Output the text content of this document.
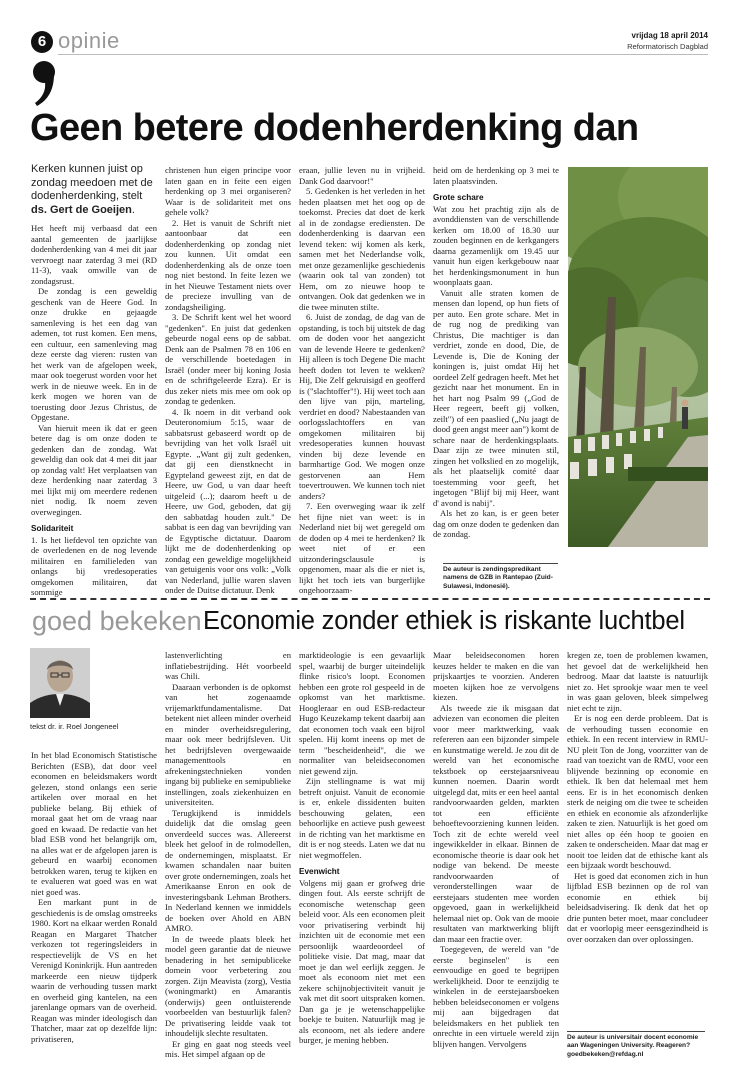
6 opinie	vrijdag 18 april 2014
Reformatorisch Dagblad
Geen betere dodenherdenking dan
Kerken kunnen juist op zondag meedoen met de dodenherdenking, stelt ds. Gert de Goeijen.

Het heeft mij verbaasd dat een aantal gemeenten de jaarlijkse dodenherdenking van 4 mei dit jaar vervroegt naar zaterdag 3 mei (RD 11-3), vaak omwille van de zondagsrust.

De zondag is een geweldig geschenk van de Heere God. In onze drukke en gejaagde samenleving is het een dag van ademen, tot rust komen. Een mens, een cultuur, een samenleving mag deze eerste dag vieren: rusten van het werk van de afgelopen week, maar ook toegerust worden voor het werk in de nieuwe week. En in de kerk mogen we horen van de toerusting door Jezus Christus, de Opgestane.

Van hieruit meen ik dat er geen betere dag is om onze doden te gedenken dan de zondag. Wat geweldig dan ook dat 4 mei dit jaar op zondag valt! Het verplaatsen van deze herdenking naar zaterdag 3 mei lijkt mij om meerdere redenen niet nodig. Ik noem zeven overwegingen.

Solidariteit

1. Is het liefdevol ten opzichte van de overledenen en de nog levende militairen en familieleden van onlangs bij vredesoperaties omgekomen militairen, dat sommige

christenen hun eigen principe voor laten gaan en in feite een eigen herdenking op 3 mei organiseren? Waar is de solidariteit met ons gehele volk?

2. Het is vanuit de Schrift niet aantoonbaar dat een dodenherdenking op zondag niet zou kunnen. Uit omdat een dodenherdenking als de onze toen nog niet bestond. In feite lezen we in het Nieuwe Testament niets over de precieze invulling van de zondagsheiliging.

3. De Schrift kent wel het woord "gedenken". En juist dat gedenken gebeurde nogal eens op de sabbat. Denk aan de Psalmen 78 en 106 en de verschillende boetedagen in Israël (onder meer bij koning Josia en de schriftgeleerde Ezra). Er is dus zeker niets mis mee om ook op zondag te gedenken.

4. Ik noem in dit verband ook Deuteronomium 5:15, waar de sabbatsrust gebaseerd wordt op de bevrijding van het volk Israël uit Egypte. „Want gij zult gedenken, dat gij een dienstknecht in Egypteland geweest zijt, en dat de Heere, uw God, u van daar heeft uitgeleid (...); daarom heeft u de Heere, uw God, geboden, dat gij den sabbatdag houden zult." De sabbat is een dag van bevrijding van de Egyptische dictatuur. Daarom lijkt me de dodenherdenking op zondag een geweldige mogelijkheid van getuigenis voor ons volk: „Volk van Nederland, jullie waren slaven onder de Duitse dictatuur. Denk

eraan, jullie leven nu in vrijheid. Dank God daarvoor!"

5. Gedenken is het verleden in het heden plaatsen met het oog op de toekomst. Precies dat doet de kerk al in de zondagse erediensten. De dodenherdenking is daarvan een levend teken: wij komen als kerk, samen met het Nederlandse volk, met onze gezamenlijke geschiedenis (waarin ook tal van zonden) tot Hem, om zo nieuwe hoop te ontvangen. Ook dat gedenken we in die twee minuten stilte.

6. Juist de zondag, de dag van de opstanding, is toch bij uitstek de dag om de doden voor het aangezicht van de levende Heere te gedenken? Hij alleen is toch Degene Die macht heeft doden tot leven te wekken? Hij, Die Zelf gekruisigd en geofferd is ("slachtoffer"!). Hij weet toch aan den lijve van pijn, marteling, verdriet en dood? Nabestaanden van oorlogsslachtoffers en van omgekomen militairen bij vredesoperaties kunnen houvast vinden bij deze levende en barmhartige God. We mogen onze gestorvenen aan Hem toevertrouwen. We kunnen toch niet anders?

7. Een overweging waar ik zelf het fijne niet van weet: is in Nederland niet bij wet geregeld om de doden op 4 mei te herdenken? Ik weet niet of er een uitzonderingsclausule is opgenomen, maar als die er niet is, lijkt het toch iets van burgerlijke ongehoorzaam-

heid om de herdenking op 3 mei te laten plaatsvinden.

Grote schare

Wat zou het prachtig zijn als de avonddiensten van de verschillende kerken om 18.00 of 18.30 uur zouden beginnen en de kerkgangers daarna gezamenlijk om 19.45 uur vanuit hun eigen kerkgebouw naar het herdenkingsmonument in hun woonplaats gaan.

Vanuit alle straten komen de mensen dan lopend, op hun fiets of per auto. Een grote schare. Met in de rug nog de prediking van Christus, Die machtiger is dan verdriet, zonde en dood, Die, de Levende is, Die de Koning der koningen is, juist omdat Hij het oordeel Zelf gedragen heeft. Met het gezicht naar het monument. En in het hart nog Psalm 99 („God de Heer regeert, beeft gij volken, zeilt") of een paaslied („Nu jaagt de dood geen angst meer aan") komt de schare naar de herdenkingsplaats. Daar zijn ze twee minuten stil, zingen het volkslied en zo mogelijk, als het plaatselijk comité daar toestemming voor geeft, het ingetogen "Blijf bij mij Heer, want d' avond is nabij".

Als het zo kan, is er geen beter dag om onze doden te gedenken dan de zondag.

De auteur is zendingspredikant namens de GZB in Rantepao (Zuid-Sulawesi, Indonesië).
goed bekeken Economie zonder ethiek is riskante luchtbel
tekst dr. ir. Roel Jongeneel

In het blad Economisch Statistische Berichten (ESB), dat door veel economen en beleidsmakers wordt gelezen, stond onlangs een serie artikelen over moraal en het publieke belang. Bij ethiek of moraal gaat het om de vraag naar goed en kwaad. De redactie van het blad ESB vond het belangrijk om, na alles wat er de afgelopen jaren is gebeurd en waarbij economen betrokken waren, terug te kijken en te evalueren wat goed was en wat niet goed was.

Een markant punt in de geschiedenis is de omslag omstreeks 1980. Kort na elkaar werden Ronald Reagan en Margaret Thatcher verkozen tot regeringsleiders in respectievelijk de VS en het Verenigd Koninkrijk. Hun aantreden markeerde een nieuw tijdperk waarin de verhouding tussen markt en overheid ging kantelen, na een jarenlange opmars van de overheid. Reagan was minder ideologisch dan Thatcher, maar zat op dezelfde lijn: privatiseren,

lastenverlichting en inflatiebestrijding. Hét voorbeeld was Chili.

Daaraan verbonden is de opkomst van het zogenaamde vrijemarktfundamentalisme. Dat betekent niet alleen minder overheid en minder overheidsregulering, maar ook meer bedrijfsleven. Uit het bedrijfsleven overgewaaide managementtools en afrekeningstechnieken vonden ingang bij publieke en semipublieke instellingen, zoals ziekenhuizen en universiteiten.

Terugkijkend is inmiddels duidelijk dat die omslag geen onverdeeld succes was. Allereerst bleek het geloof in de rolmodellen, de ondernemingen, misplaatst. Er kwamen schandalen naar buiten over grote ondernemingen, zoals het Amerikaanse Enron en ook de investeringsbank Lehman Brothers. In Nederland kennen we inmiddels de boeken over Ahold en ABN AMRO.

In de tweede plaats bleek het model geen garantie dat de nieuwe benadering in het semipubliceke domein voor verbetering zou zorgen. Zijn Meavista (zorg), Vestia (woningmarkt) en Amarantis (onderwijs) geen ontluisterende voorbeelden van bestuurlijk falen? De privatisering leidde vaak tot inhoudelijk slechte resultaten.

Er ging en gaat nog steeds veel mis. Het simpel afgaan op de

marktideologie is een gevaarlijk spel, waarbij de burger uiteindelijk flinke risico's loopt. Economen hebben een grote rol gespeeld in de opkomst van het marktisme. Hoogleraar en oud ESB-redacteur Hugo Keuzekamp tekent daarbij aan dat economen toch vaak een bijrol spelen. Hij komt ineens op met de term "bescheidenheid", die we normaliter van beleidseconomen niet gewend zijn.

Zijn stellingname is wat mij betreft onjuist. Vanuit de economie is er, enkele dissidenten buiten beschouwing gelaten, een behoorlijke en actieve push geweest in de richting van het marktisme en dit is er nog steeds. Laten we dat nu niet wegmoffelen.

Evenwicht

Volgens mij gaan er grofweg drie dingen fout. Als eerste schrijft de economische wetenschap geen beleid voor. Als een economen pleit voor privatisering verbindt hij inzichten uit de economie met een persoonlijk waardeoordeel of politieke visie. Dat mag, maar dat moet je dan wel eerlijk zeggen. Je moet als econoom niet met een zekere schijnobjectiviteit vanuit je vak met dit soort uitspraken komen. Dan ga je je wetenschappelijke boekje te buiten. Natuurlijk mag je als econoom, net als iedere andere burger, je mening hebben.

Maar beleidseconomen horen keuzes helder te maken en die van prijskaartjes te voorzien. Anderen moeten kijken hoe ze vervolgens kiezen.

Als tweede zie ik misgaan dat adviezen van economen die pleiten voor meer marktwerking, vaak refereren aan een bijzonder simpele en kunstmatige wereld. Je zou dit de wereld van het economische tekstboek op eerstejaarsniveau kunnen noemen. Daarin wordt uitgelegd dat, mits er een heel aantal randvoorwaarden gelden, markten tot een efficiënte behoeftevoorziening kunnen leiden. Toch zit de echte wereld veel ingewikkelder in elkaar. Binnen de economische theorie is daar ook het nodige van bekend. De meeste randvoorwaarden of veronderstellingen waar de eerstejaars studenten mee worden opgevoed, gaan in werkelijkheid helemaal niet op. Ook van de mooie resultaten van marktwerking blijft dan maar een fractie over.

Toegegeven, de wereld van "de eerste beginselen" is een eenvoudige en goed te begrijpen werkelijkheid. Door te eenzijdig te winkelen in de eerstejaarsboeken hebben beleidseconomen er volgens mij aan bijgedragen dat beleidsmakers en het publiek ten onrechte in een virtuele wereld zijn blijven hangen. Vervolgens

kregen ze, toen de problemen kwamen, het gevoel dat de werkelijkheid hen bedroog. Maar dat laatste is natuurlijk niet zo. Het sprookje waar men te veel in was gaan geloven, bleek simpelweg niet echt te zijn.

Er is nog een derde probleem. Dat is de verhouding tussen economie en ethiek. In een recent interview in RMU-NU pleit Ton de Jong, voorzitter van de raad van toezicht van de RMU, voor een blijvende bezinning op economie en ethiek. Ik ben dat helemaal met hem eens. Er is in het economisch denken sterk de neiging om die twee te scheiden en ethiek en economie als afzonderlijke zaken te zien. Natuurlijk is het goed om niet alles op één hoop te gooien en zaken te onderscheiden. Maar dat mag er nooit toe leiden dat de ethische kant als een bijzaak wordt beschouwd.

Het is goed dat economen zich in hun lijfblad ESB bezinnen op de rol van economie en ethiek bij beleidsadvisering. Ik denk dat het op drie punten beter moet, maar concludeer dat er voorlopig meer eensgezindheid is over oorzaken dan over oplossingen.

De auteur is universitair docent economie aan Wageningen University. Reageren? goedbekeken@refdag.nl
